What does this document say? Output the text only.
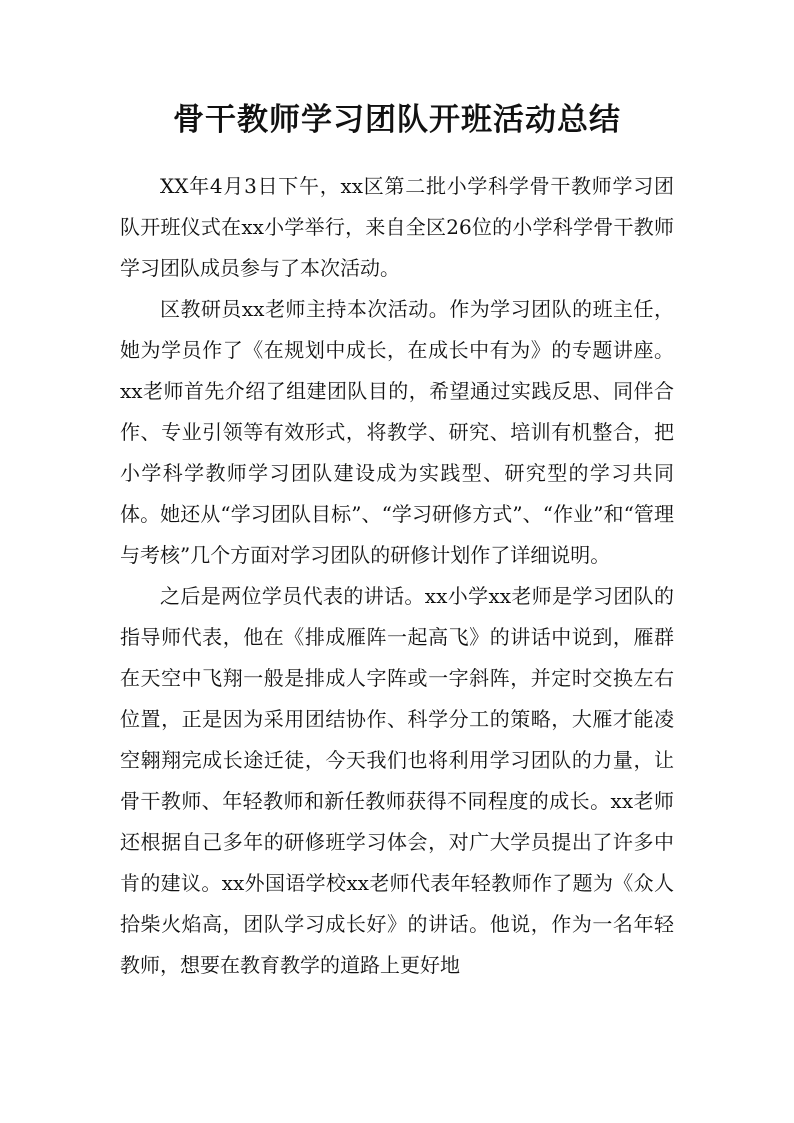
骨干教师学习团队开班活动总结

XX年4月3日下午，xx区第二批小学科学骨干教师学习团队开班仪式在xx小学举行，来自全区26位的小学科学骨干教师学习团队成员参与了本次活动。

区教研员xx老师主持本次活动。作为学习团队的班主任，她为学员作了《在规划中成长，在成长中有为》的专题讲座。xx老师首先介绍了组建团队目的，希望通过实践反思、同伴合作、专业引领等有效形式，将教学、研究、培训有机整合，把小学科学教师学习团队建设成为实践型、研究型的学习共同体。她还从“学习团队目标”、“学习研修方式”、“作业”和“管理与考核”几个方面对学习团队的研修计划作了详细说明。

之后是两位学员代表的讲话。xx小学xx老师是学习团队的指导师代表，他在《排成雁阵一起高飞》的讲话中说到，雁群在天空中飞翔一般是排成人字阵或一字斜阵，并定时交换左右位置，正是因为采用团结协作、科学分工的策略，大雁才能凌空翱翔完成长途迁徒，今天我们也将利用学习团队的力量，让骨干教师、年轻教师和新任教师获得不同程度的成长。xx老师还根据自己多年的研修班学习体会，对广大学员提出了许多中肯的建议。xx外国语学校xx老师代表年轻教师作了题为《众人拾柴火焰高，团队学习成长好》的讲话。他说，作为一名年轻教师，想要在教育教学的道路上更好地
